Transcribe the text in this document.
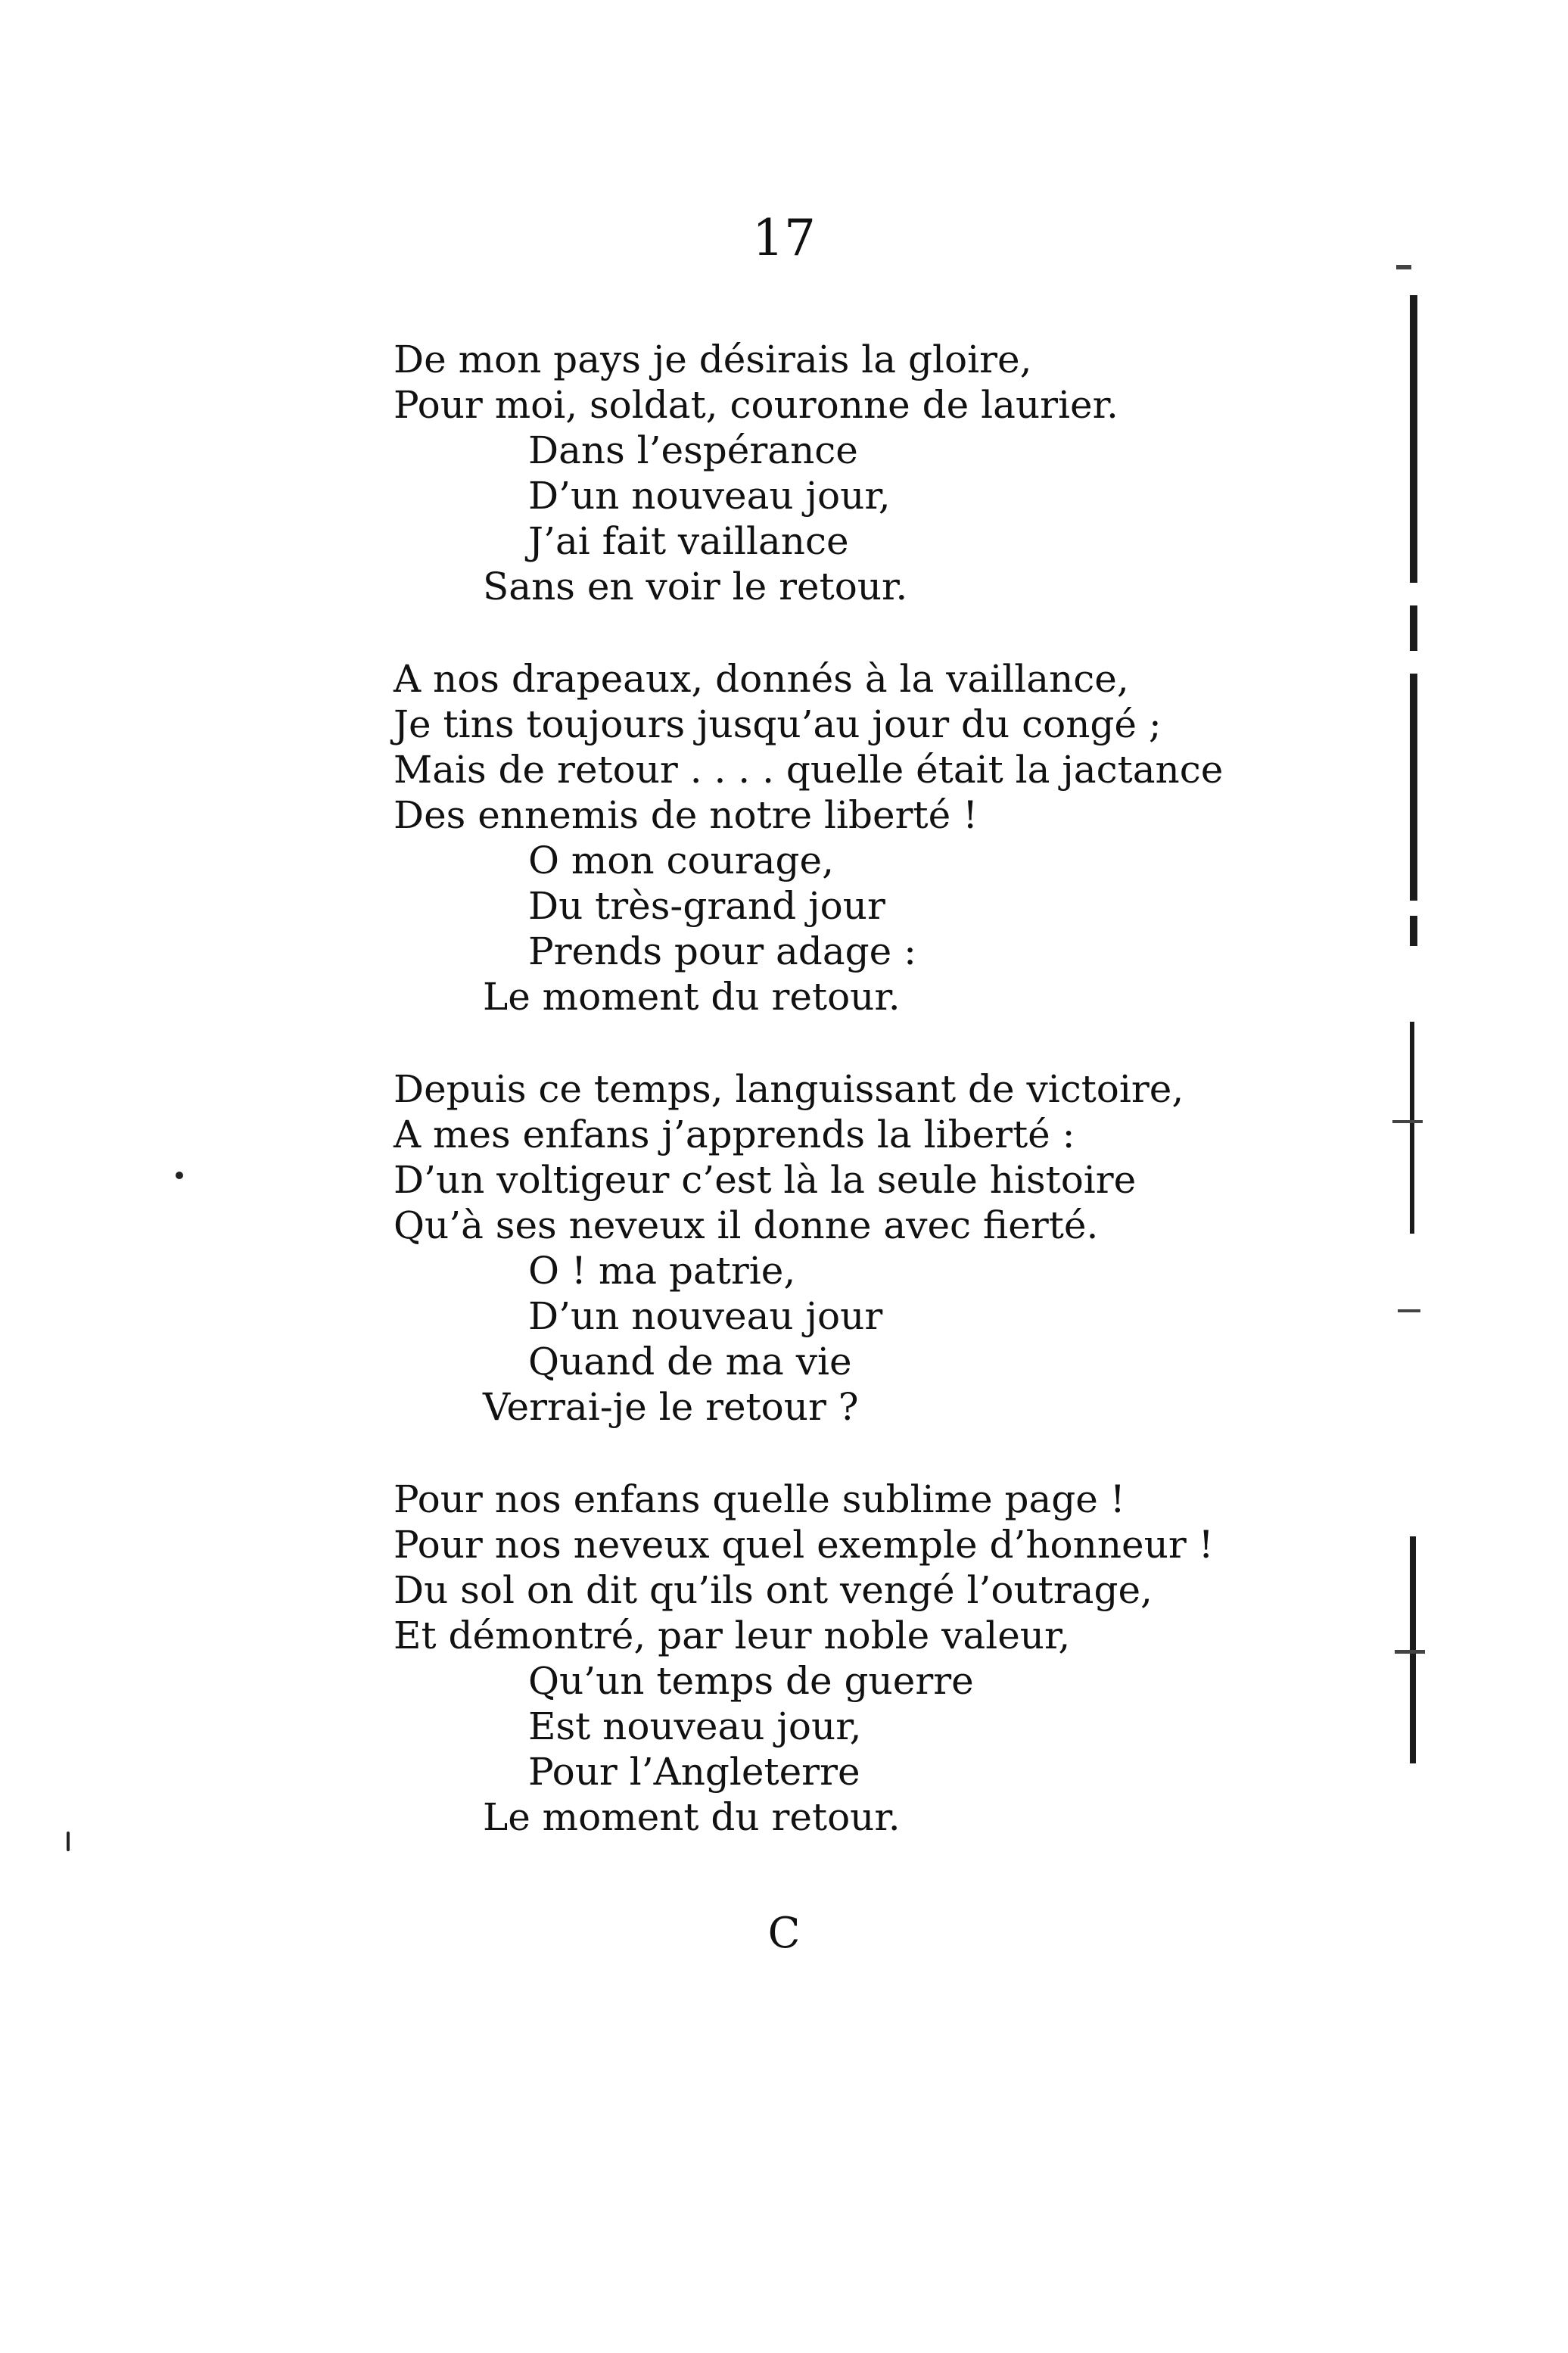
17
De mon pays je désirais la gloire,
Pour moi, soldat, couronne de laurier.
Dans l’espérance
D’un nouveau jour,
J’ai fait vaillance
Sans en voir le retour.
A nos drapeaux, donnés à la vaillance,
Je tins toujours jusqu’au jour du congé ;
Mais de retour . . . . quelle était la jactance
Des ennemis de notre liberté !
O mon courage,
Du très-grand jour
Prends pour adage :
Le moment du retour.
Depuis ce temps, languissant de victoire,
A mes enfans j’apprends la liberté :
D’un voltigeur c’est là la seule histoire
Qu’à ses neveux il donne avec fierté.
O ! ma patrie,
D’un nouveau jour
Quand de ma vie
Verrai-je le retour ?
Pour nos enfans quelle sublime page !
Pour nos neveux quel exemple d’honneur !
Du sol on dit qu’ils ont vengé l’outrage,
Et démontré, par leur noble valeur,
Qu’un temps de guerre
Est nouveau jour,
Pour l’Angleterre
Le moment du retour.
C
